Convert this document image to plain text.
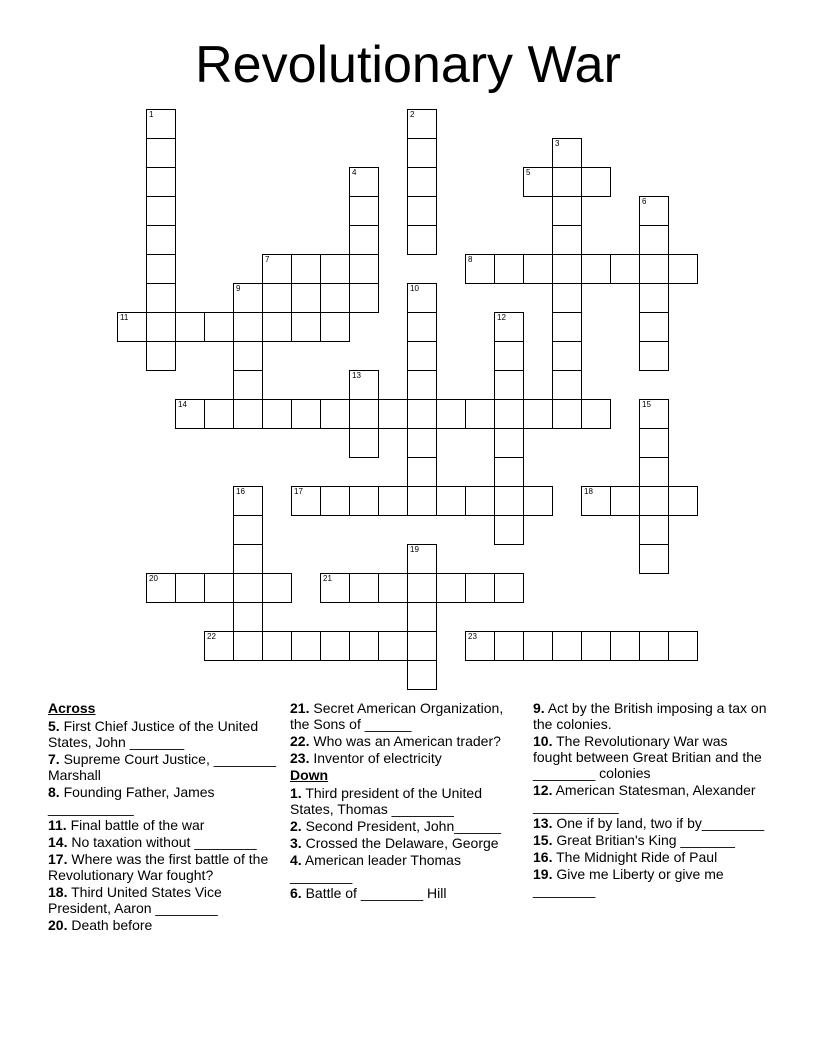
Revolutionary War
1	2
3
4	5
6
7	8
9	10
11	12
13
14	15
16	17	18
19
20	21
22	23
Across
5. First Chief Justice of the United States, John _______
7. Supreme Court Justice, ________ Marshall
8. Founding Father, James ___________
11. Final battle of the war
14. No taxation without ________
17. Where was the first battle of the Revolutionary War fought?
18. Third United States Vice President, Aaron ________
20. Death before
21. Secret American Organization, the Sons of ______
22. Who was an American trader?
23. Inventor of electricity
Down
1. Third president of the United States, Thomas ________
2. Second President, John______
3. Crossed the Delaware, George
4. American leader Thomas ________
6. Battle of ________ Hill
9. Act by the British imposing a tax on the colonies.
10. The Revolutionary War was fought between Great Britian and the ________ colonies
12. American Statesman, Alexander ___________
13. One if by land, two if by________
15. Great Britian's King _______
16. The Midnight Ride of Paul
19. Give me Liberty or give me ________
